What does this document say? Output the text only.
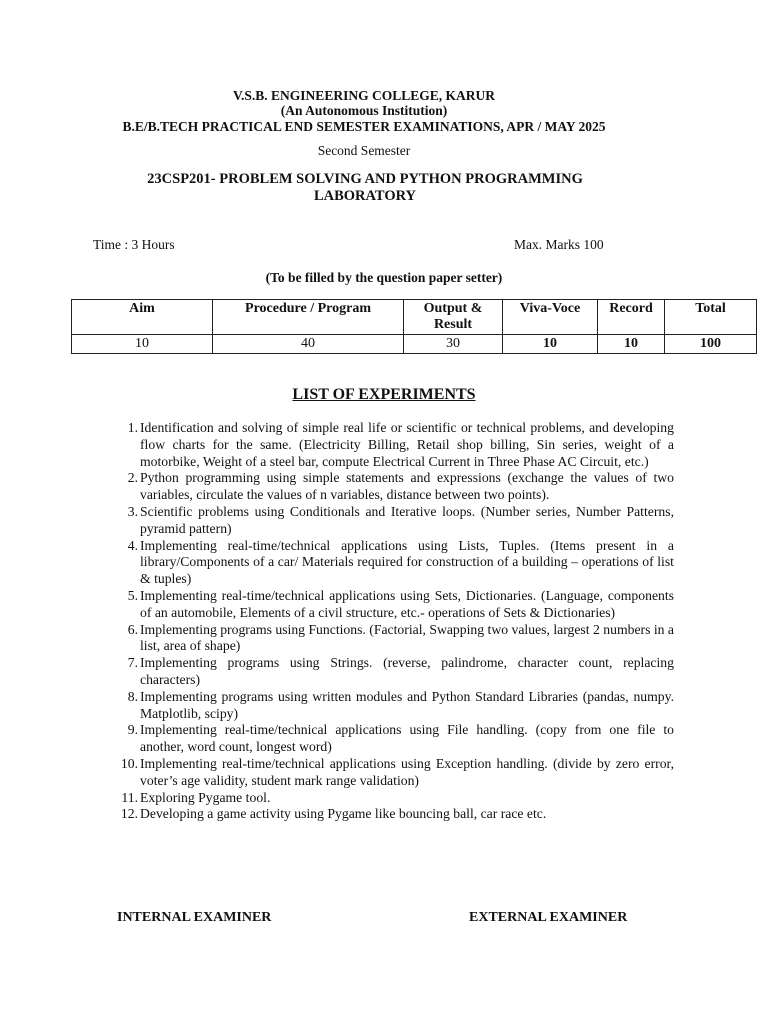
V.S.B. ENGINEERING COLLEGE, KARUR
(An Autonomous Institution)
B.E/B.TECH PRACTICAL END SEMESTER EXAMINATIONS, APR / MAY 2025
Second Semester
23CSP201- PROBLEM SOLVING AND PYTHON PROGRAMMING
LABORATORY
Time : 3 Hours	Max. Marks 100
(To be filled by the question paper setter)
Aim	Procedure / Program	Output & Result	Viva-Voce	Record	Total
10	40	30	10	10	100
LIST OF EXPERIMENTS
1. Identification and solving of simple real life or scientific or technical problems, and developing flow charts for the same. (Electricity Billing, Retail shop billing, Sin series, weight of a motorbike, Weight of a steel bar, compute Electrical Current in Three Phase AC Circuit, etc.)
2. Python programming using simple statements and expressions (exchange the values of two variables, circulate the values of n variables, distance between two points).
3. Scientific problems using Conditionals and Iterative loops. (Number series, Number Patterns, pyramid pattern)
4. Implementing real-time/technical applications using Lists, Tuples. (Items present in a library/Components of a car/ Materials required for construction of a building – operations of list & tuples)
5. Implementing real-time/technical applications using Sets, Dictionaries. (Language, components of an automobile, Elements of a civil structure, etc.- operations of Sets & Dictionaries)
6. Implementing programs using Functions. (Factorial, Swapping two values, largest 2 numbers in a list, area of shape)
7. Implementing programs using Strings. (reverse, palindrome, character count, replacing characters)
8. Implementing programs using written modules and Python Standard Libraries (pandas, numpy. Matplotlib, scipy)
9. Implementing real-time/technical applications using File handling. (copy from one file to another, word count, longest word)
10. Implementing real-time/technical applications using Exception handling. (divide by zero error, voter’s age validity, student mark range validation)
11. Exploring Pygame tool.
12. Developing a game activity using Pygame like bouncing ball, car race etc.
INTERNAL EXAMINER	EXTERNAL EXAMINER
